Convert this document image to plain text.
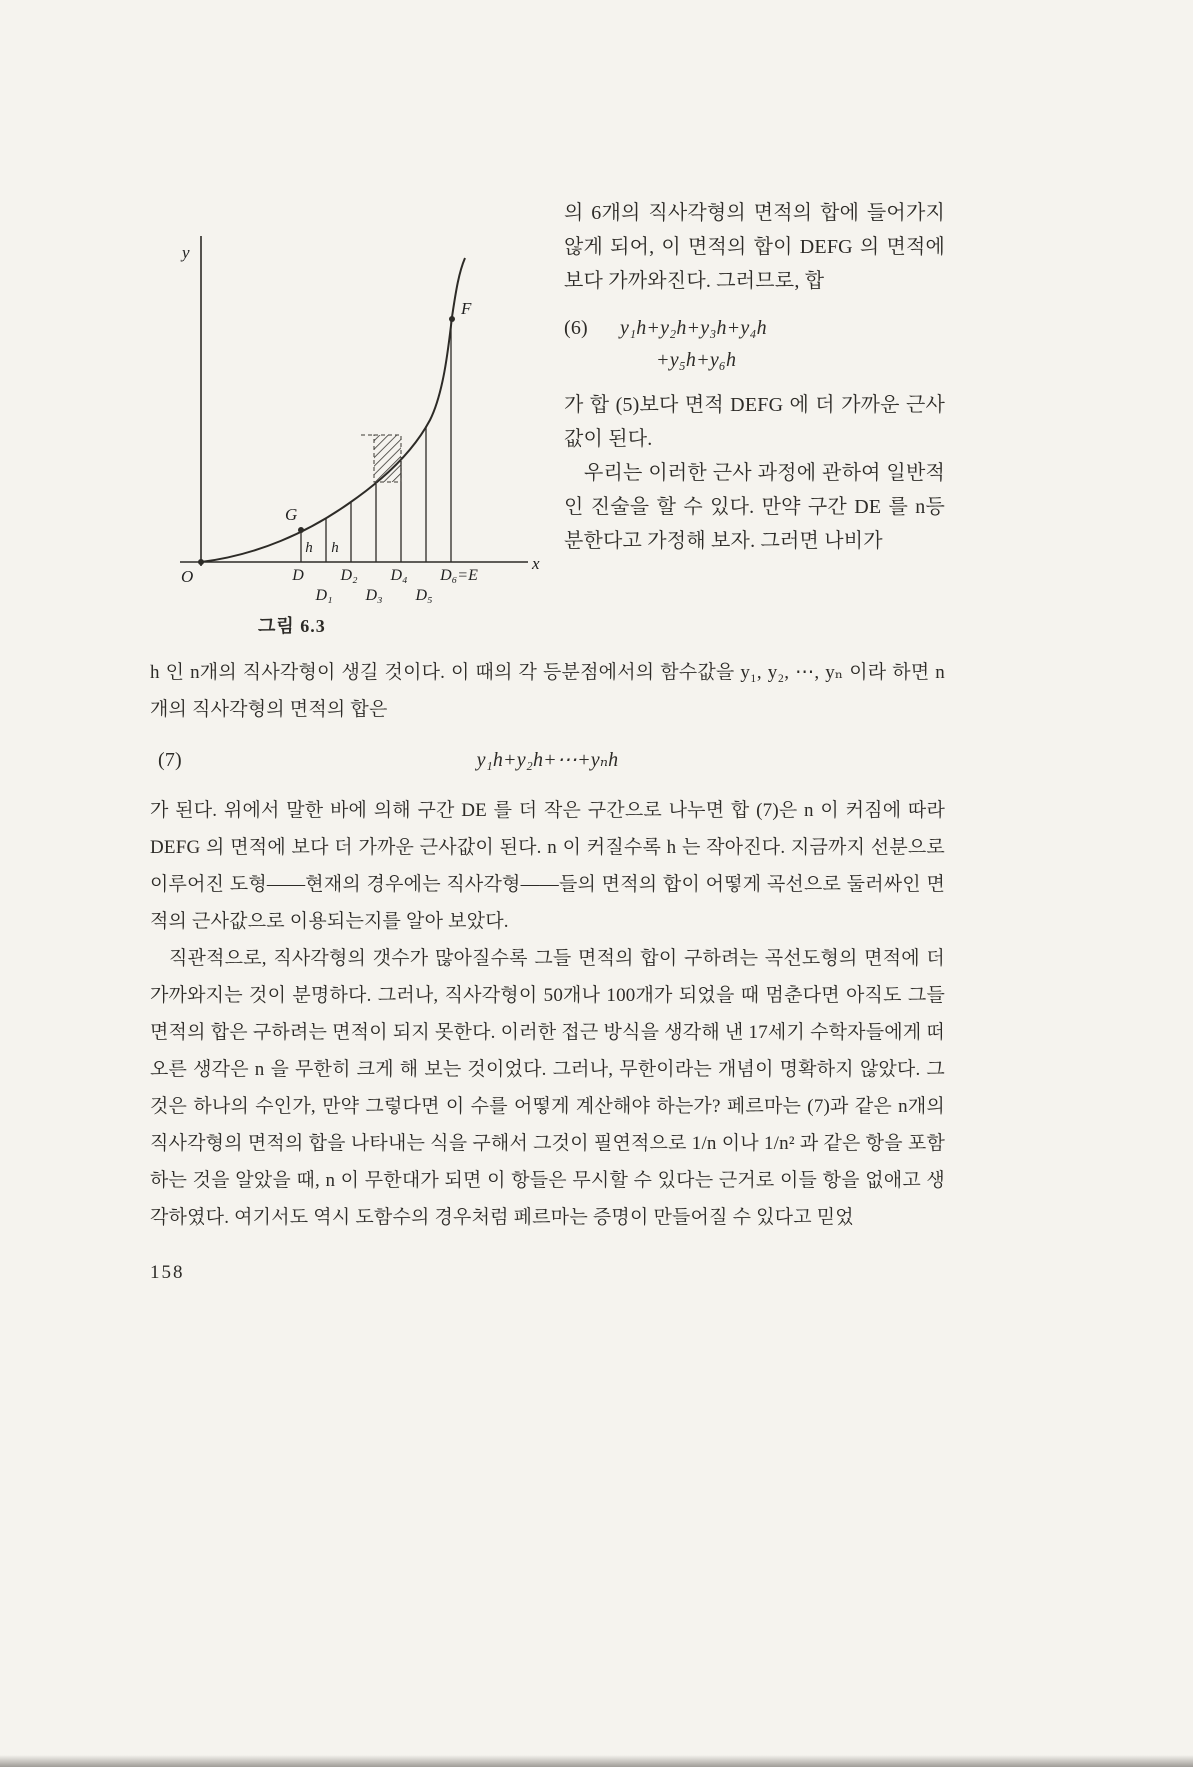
y
x
O
F
G
h h
D D₂ D₄ D₆=E
D₁ D₃ D₅
그림 6.3

의 6개의 직사각형의 면적의 합에 들어가지 않게 되어, 이 면적의 합이 DEFG 의 면적에 보다 가까와진다. 그러므로, 합

(6)	y₁h+y₂h+y₃h+y₄h
+y₅h+y₆h

가 합 (5)보다 면적 DEFG 에 더 가까운 근사값이 된다.

우리는 이러한 근사 과정에 관하여 일반적인 진술을 할 수 있다. 만약 구간 DE 를 n등분한다고 가정해 보자. 그러면 나비가

h 인 n개의 직사각형이 생길 것이다. 이 때의 각 등분점에서의 함수값을 y₁, y₂, ⋯, yₙ 이라 하면 n개의 직사각형의 면적의 합은

(7)	y₁h+y₂h+⋯+yₙh

가 된다. 위에서 말한 바에 의해 구간 DE 를 더 작은 구간으로 나누면 합 (7)은 n 이 커짐에 따라 DEFG 의 면적에 보다 더 가까운 근사값이 된다. n 이 커질수록 h 는 작아진다. 지금까지 선분으로 이루어진 도형——현재의 경우에는 직사각형——들의 면적의 합이 어떻게 곡선으로 둘러싸인 면적의 근사값으로 이용되는지를 알아 보았다.

직관적으로, 직사각형의 갯수가 많아질수록 그들 면적의 합이 구하려는 곡선도형의 면적에 더 가까와지는 것이 분명하다. 그러나, 직사각형이 50개나 100개가 되었을 때 멈춘다면 아직도 그들 면적의 합은 구하려는 면적이 되지 못한다. 이러한 접근 방식을 생각해 낸 17세기 수학자들에게 떠오른 생각은 n 을 무한히 크게 해 보는 것이었다. 그러나, 무한이라는 개념이 명확하지 않았다. 그것은 하나의 수인가, 만약 그렇다면 이 수를 어떻게 계산해야 하는가? 페르마는 (7)과 같은 n개의 직사각형의 면적의 합을 나타내는 식을 구해서 그것이 필연적으로 1/n 이나 1/n² 과 같은 항을 포함하는 것을 알았을 때, n 이 무한대가 되면 이 항들은 무시할 수 있다는 근거로 이들 항을 없애고 생각하였다. 여기서도 역시 도함수의 경우처럼 페르마는 증명이 만들어질 수 있다고 믿었

158
